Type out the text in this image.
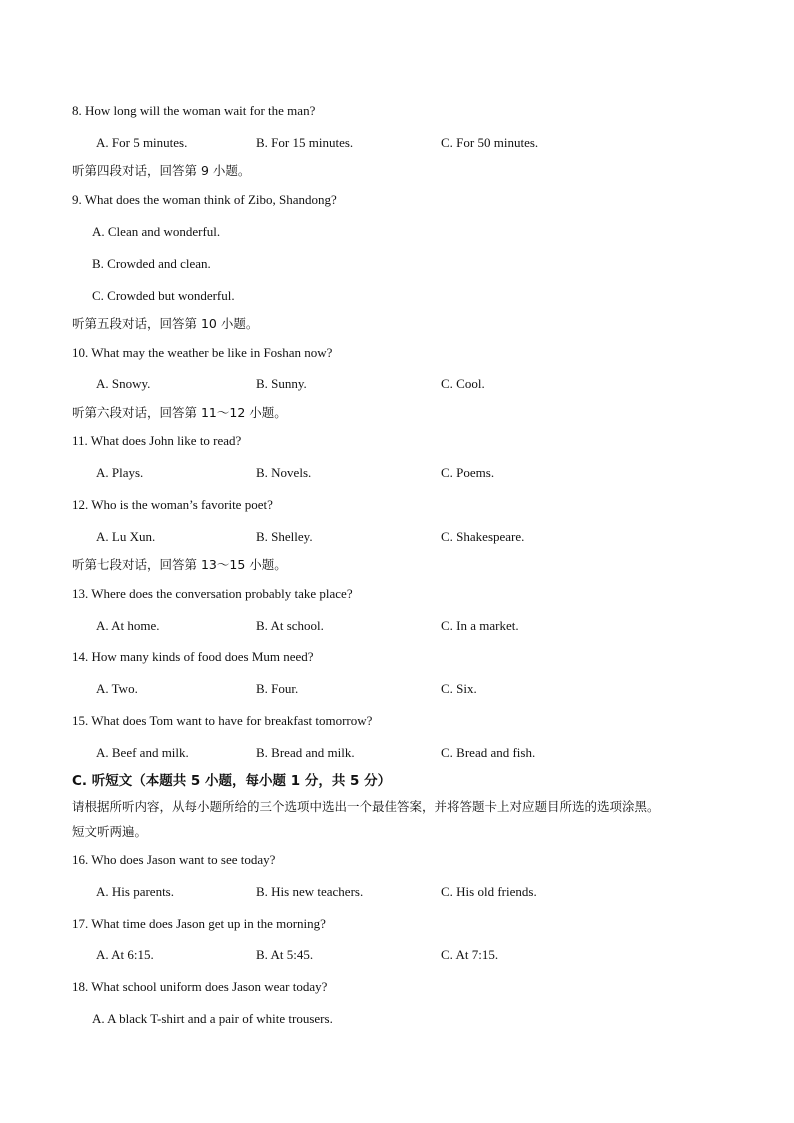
8. How long will the woman wait for the man?
A. For 5 minutes.	B. For 15 minutes.	C. For 50 minutes.
听第四段对话，回答第 9 小题。
9. What does the woman think of Zibo, Shandong?
A. Clean and wonderful.
B. Crowded and clean.
C. Crowded but wonderful.
听第五段对话，回答第 10 小题。
10. What may the weather be like in Foshan now?
A. Snowy.	B. Sunny.	C. Cool.
听第六段对话，回答第 11～12 小题。
11. What does John like to read?
A. Plays.	B. Novels.	C. Poems.
12. Who is the woman’s favorite poet?
A. Lu Xun.	B. Shelley.	C. Shakespeare.
听第七段对话，回答第 13～15 小题。
13. Where does the conversation probably take place?
A. At home.	B. At school.	C. In a market.
14. How many kinds of food does Mum need?
A. Two.	B. Four.	C. Six.
15. What does Tom want to have for breakfast tomorrow?
A. Beef and milk.	B. Bread and milk.	C. Bread and fish.
C. 听短文（本题共 5 小题，每小题 1 分，共 5 分）
请根据所听内容，从每小题所给的三个选项中选出一个最佳答案，并将答题卡上对应题目所选的选项涂黑。
短文听两遍。
16. Who does Jason want to see today?
A. His parents.	B. His new teachers.	C. His old friends.
17. What time does Jason get up in the morning?
A. At 6:15.	B. At 5:45.	C. At 7:15.
18. What school uniform does Jason wear today?
A. A black T-shirt and a pair of white trousers.
